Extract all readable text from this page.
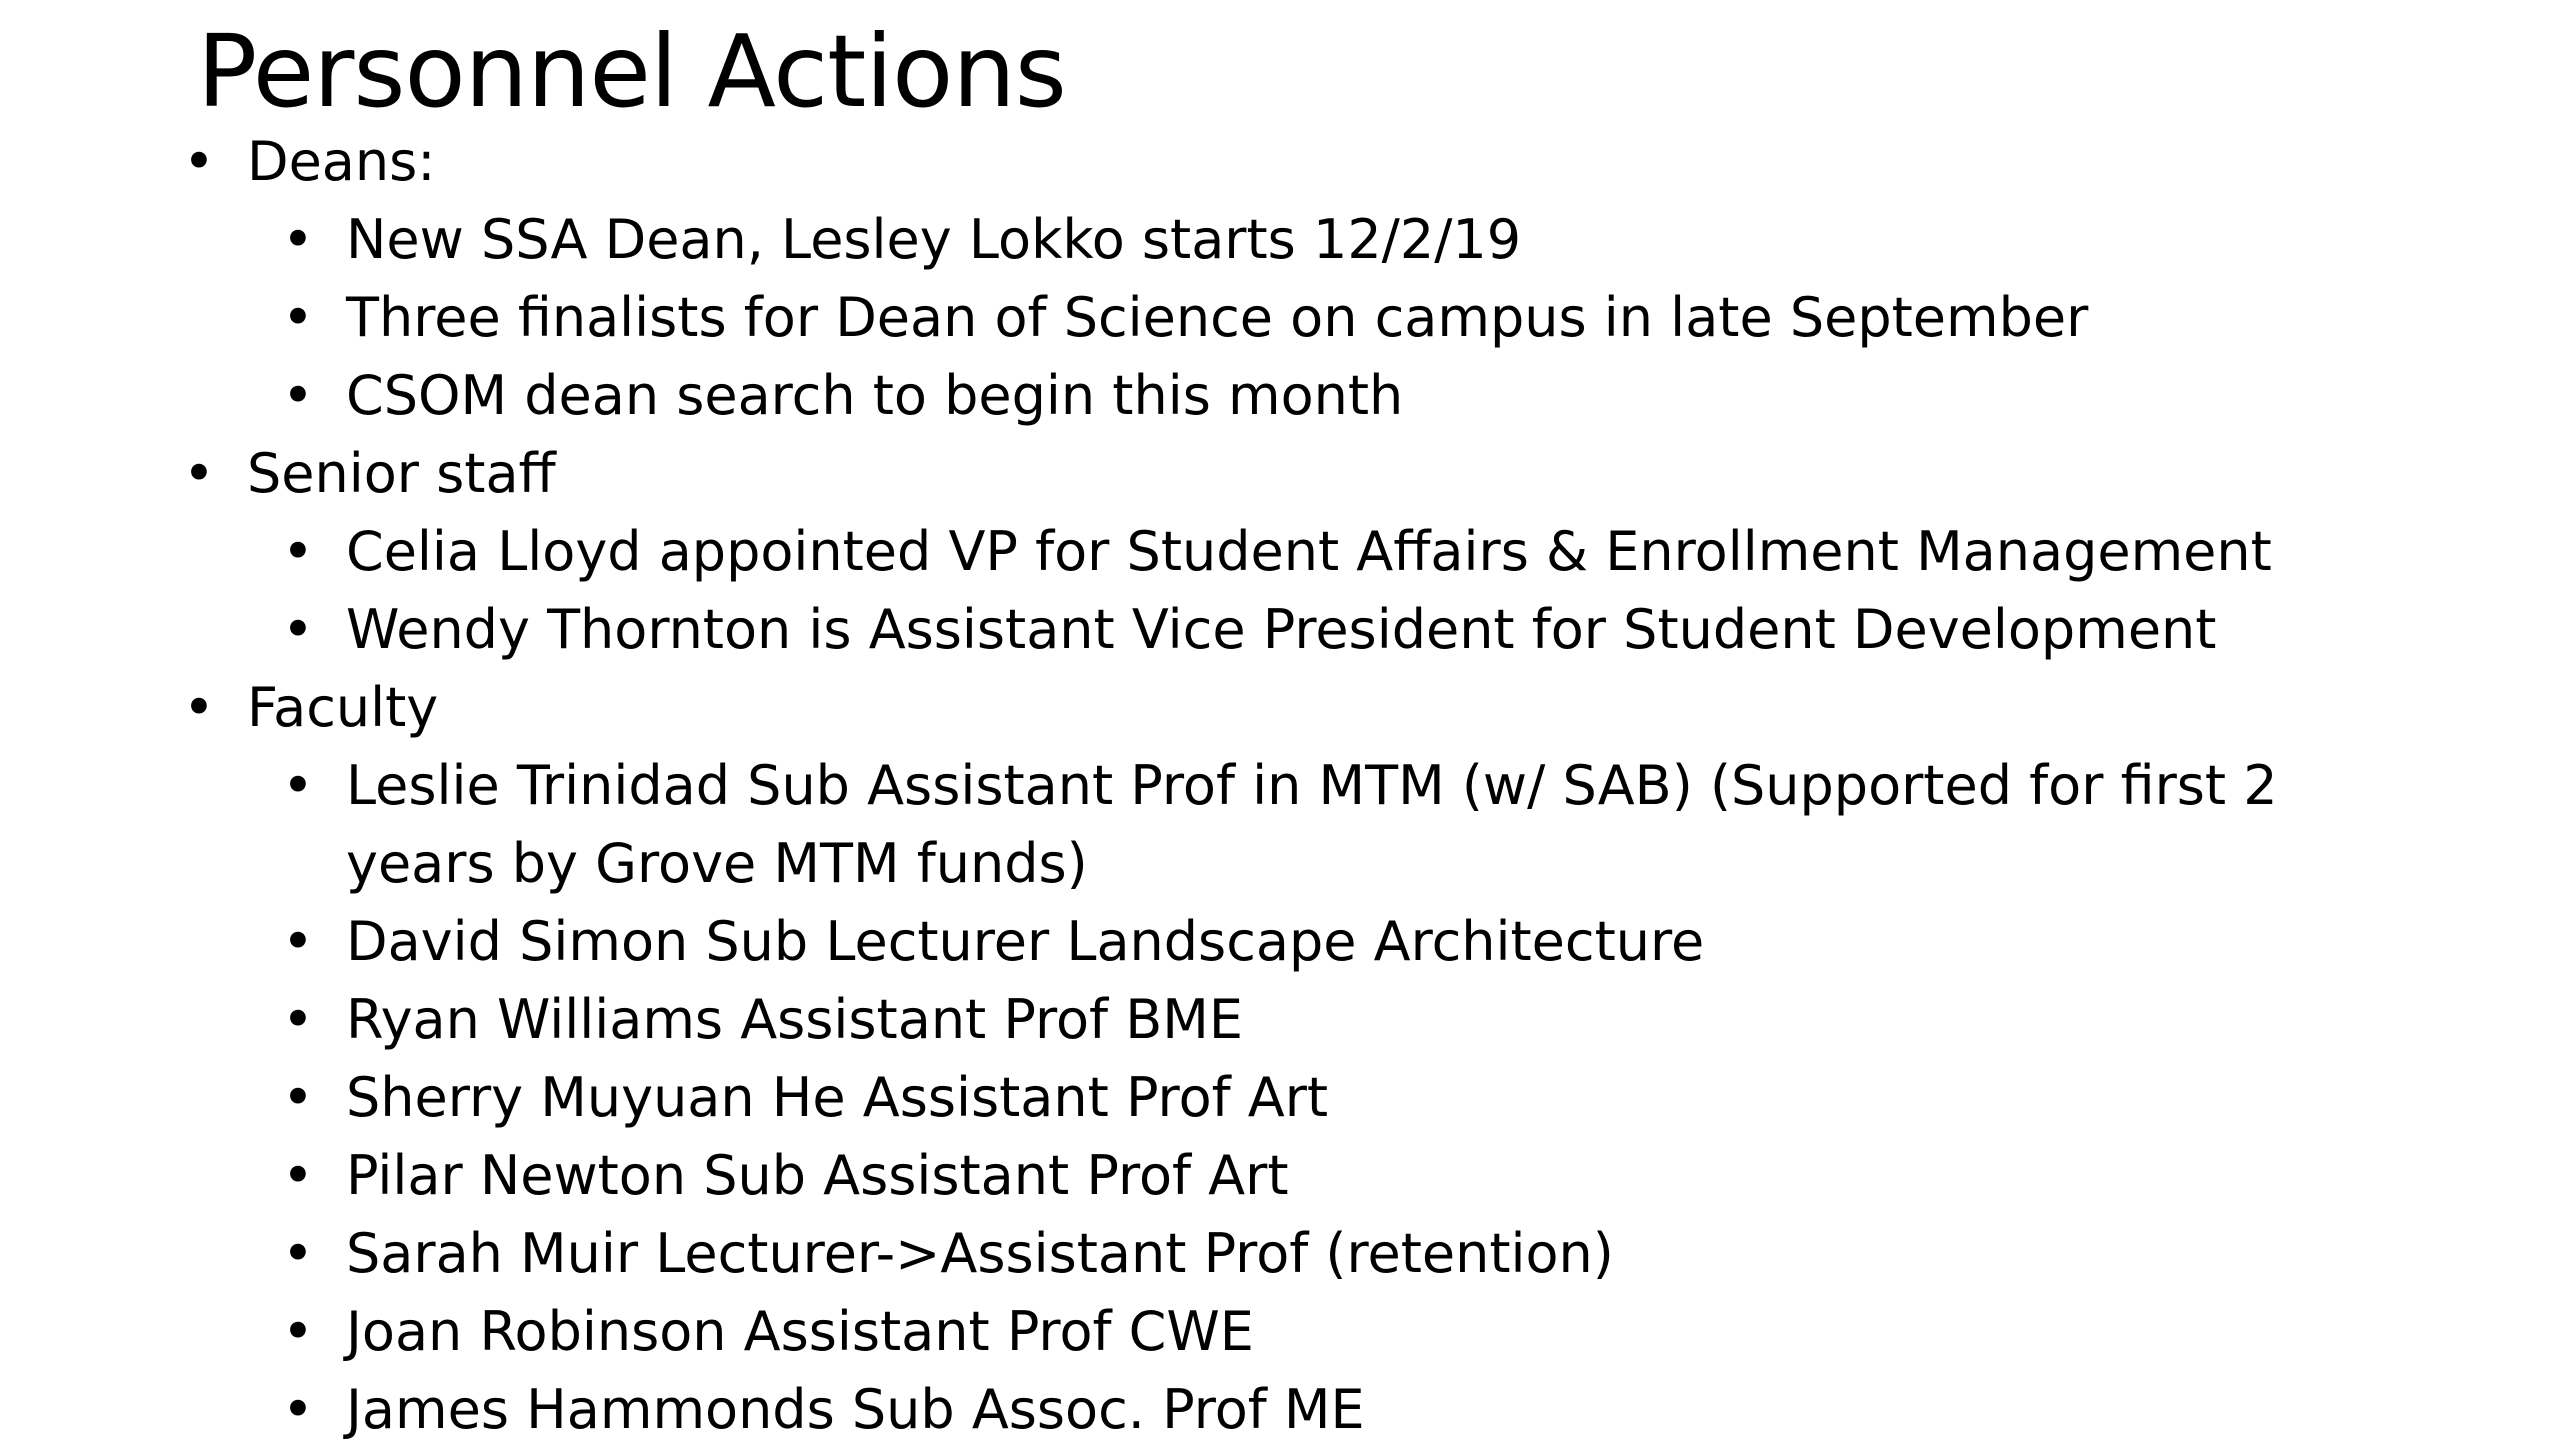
Personnel Actions
• Deans:
• New SSA Dean, Lesley Lokko starts 12/2/19
• Three finalists for Dean of Science on campus in late September
• CSOM dean search to begin this month
• Senior staff
• Celia Lloyd appointed VP for Student Affairs & Enrollment Management
• Wendy Thornton is Assistant Vice President for Student Development
• Faculty
• Leslie Trinidad Sub Assistant Prof in MTM (w/ SAB) (Supported for first 2
years by Grove MTM funds)
• David Simon Sub Lecturer Landscape Architecture
• Ryan Williams Assistant Prof BME
• Sherry Muyuan He Assistant Prof Art
• Pilar Newton Sub Assistant Prof Art
• Sarah Muir Lecturer->Assistant Prof (retention)
• Joan Robinson Assistant Prof CWE
• James Hammonds Sub Assoc. Prof ME
